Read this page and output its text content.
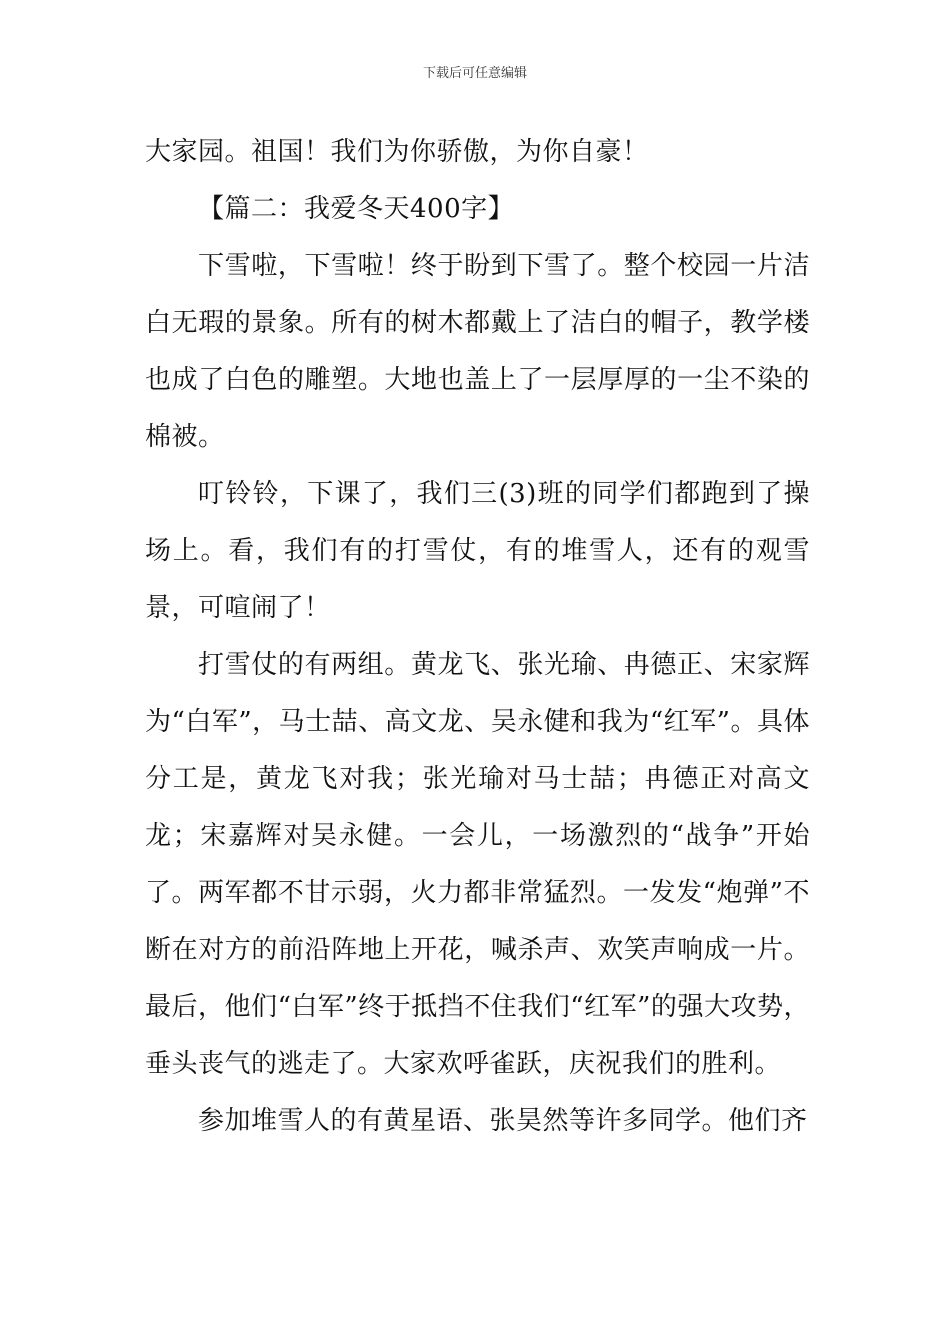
下载后可任意编辑

大家园。祖国！我们为你骄傲，为你自豪！

【篇二：我爱冬天400字】

下雪啦，下雪啦！终于盼到下雪了。整个校园一片洁白无瑕的景象。所有的树木都戴上了洁白的帽子，教学楼也成了白色的雕塑。大地也盖上了一层厚厚的一尘不染的棉被。

叮铃铃，下课了，我们三(3)班的同学们都跑到了操场上。看，我们有的打雪仗，有的堆雪人，还有的观雪景，可喧闹了！

打雪仗的有两组。黄龙飞、张光瑜、冉德正、宋家辉为“白军”，马士喆、高文龙、吴永健和我为“红军”。具体分工是，黄龙飞对我；张光瑜对马士喆；冉德正对高文龙；宋嘉辉对吴永健。一会儿，一场激烈的“战争”开始了。两军都不甘示弱，火力都非常猛烈。一发发“炮弹”不断在对方的前沿阵地上开花，喊杀声、欢笑声响成一片。最后，他们“白军”终于抵挡不住我们“红军”的强大攻势，垂头丧气的逃走了。大家欢呼雀跃，庆祝我们的胜利。

参加堆雪人的有黄星语、张昊然等许多同学。他们齐
